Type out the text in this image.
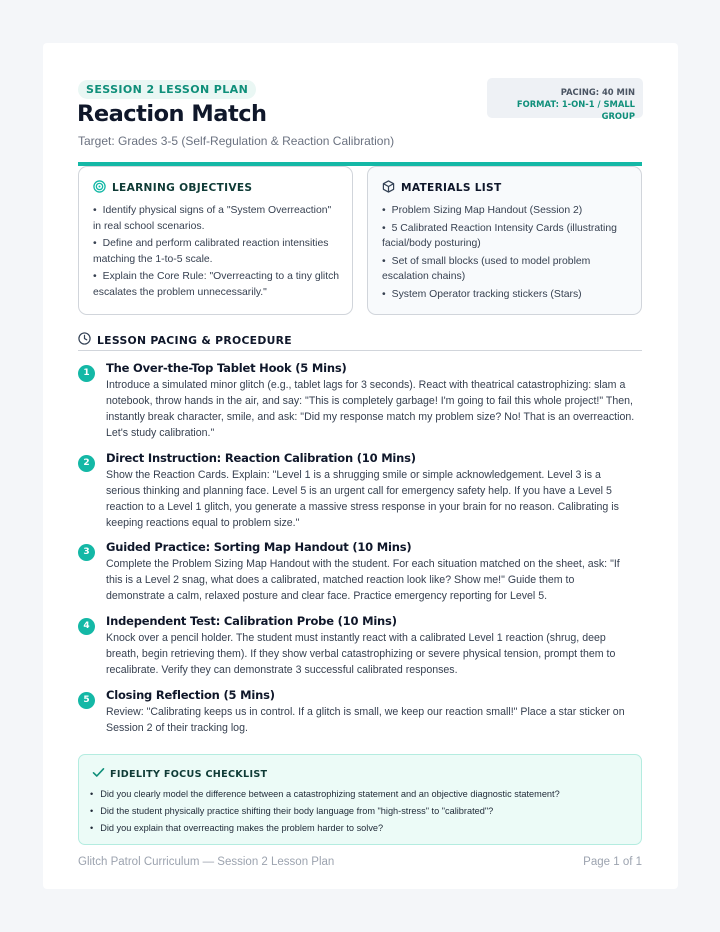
SESSION 2 LESSON PLAN
Reaction Match
Target: Grades 3-5 (Self-Regulation & Reaction Calibration)
PACING: 40 MIN
FORMAT: 1-ON-1 / SMALL GROUP
LEARNING OBJECTIVES
• Identify physical signs of a "System Overreaction" in real school scenarios.
• Define and perform calibrated reaction intensities matching the 1-to-5 scale.
• Explain the Core Rule: "Overreacting to a tiny glitch escalates the problem unnecessarily."
MATERIALS LIST
• Problem Sizing Map Handout (Session 2)
• 5 Calibrated Reaction Intensity Cards (illustrating facial/body posturing)
• Set of small blocks (used to model problem escalation chains)
• System Operator tracking stickers (Stars)
LESSON PACING & PROCEDURE
1	The Over-the-Top Tablet Hook (5 Mins)
Introduce a simulated minor glitch (e.g., tablet lags for 3 seconds). React with theatrical catastrophizing: slam a notebook, throw hands in the air, and say: "This is completely garbage! I'm going to fail this whole project!" Then, instantly break character, smile, and ask: "Did my response match my problem size? No! That is an overreaction. Let's study calibration."
2	Direct Instruction: Reaction Calibration (10 Mins)
Show the Reaction Cards. Explain: "Level 1 is a shrugging smile or simple acknowledgement. Level 3 is a serious thinking and planning face. Level 5 is an urgent call for emergency safety help. If you have a Level 5 reaction to a Level 1 glitch, you generate a massive stress response in your brain for no reason. Calibrating is keeping reactions equal to problem size."
3	Guided Practice: Sorting Map Handout (10 Mins)
Complete the Problem Sizing Map Handout with the student. For each situation matched on the sheet, ask: "If this is a Level 2 snag, what does a calibrated, matched reaction look like? Show me!" Guide them to demonstrate a calm, relaxed posture and clear face. Practice emergency reporting for Level 5.
4	Independent Test: Calibration Probe (10 Mins)
Knock over a pencil holder. The student must instantly react with a calibrated Level 1 reaction (shrug, deep breath, begin retrieving them). If they show verbal catastrophizing or severe physical tension, prompt them to recalibrate. Verify they can demonstrate 3 successful calibrated responses.
5	Closing Reflection (5 Mins)
Review: "Calibrating keeps us in control. If a glitch is small, we keep our reaction small!" Place a star sticker on Session 2 of their tracking log.
FIDELITY FOCUS CHECKLIST
• Did you clearly model the difference between a catastrophizing statement and an objective diagnostic statement?
• Did the student physically practice shifting their body language from "high-stress" to "calibrated"?
• Did you explain that overreacting makes the problem harder to solve?
Glitch Patrol Curriculum — Session 2 Lesson Plan	Page 1 of 1
